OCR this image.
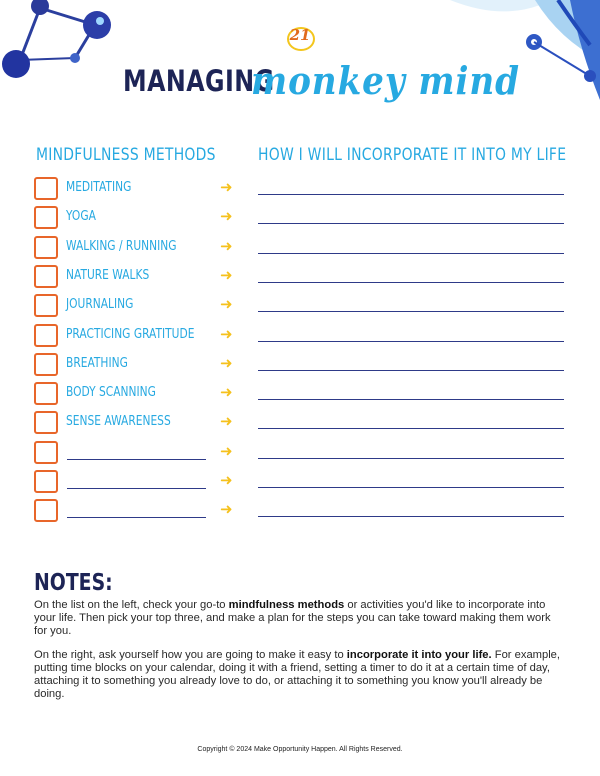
21
MANAGING
monkey mind
MINDFULNESS METHODS HOW I WILL INCORPORATE IT INTO MY LIFE
MEDITATING	➜
YOGA	➜
WALKING / RUNNING	➜
NATURE WALKS	➜
JOURNALING	➜
PRACTICING GRATITUDE ➜
BREATHING	➜
BODY SCANNING	➜
SENSE AWARENESS	➜
➜
➜
➜
NOTES:

On the list on the left, check your go-to mindfulness methods or activities you'd like to incorporate into your life. Then pick your top three, and make a plan for the steps you can take toward making them work for you.

On the right, ask yourself how you are going to make it easy to incorporate it into your life. For example, putting time blocks on your calendar, doing it with a friend, setting a timer to do it at a certain time of day, attaching it to something you already love to do, or attaching it to something you know you'll already be doing.

Copyright © 2024 Make Opportunity Happen. All Rights Reserved.
